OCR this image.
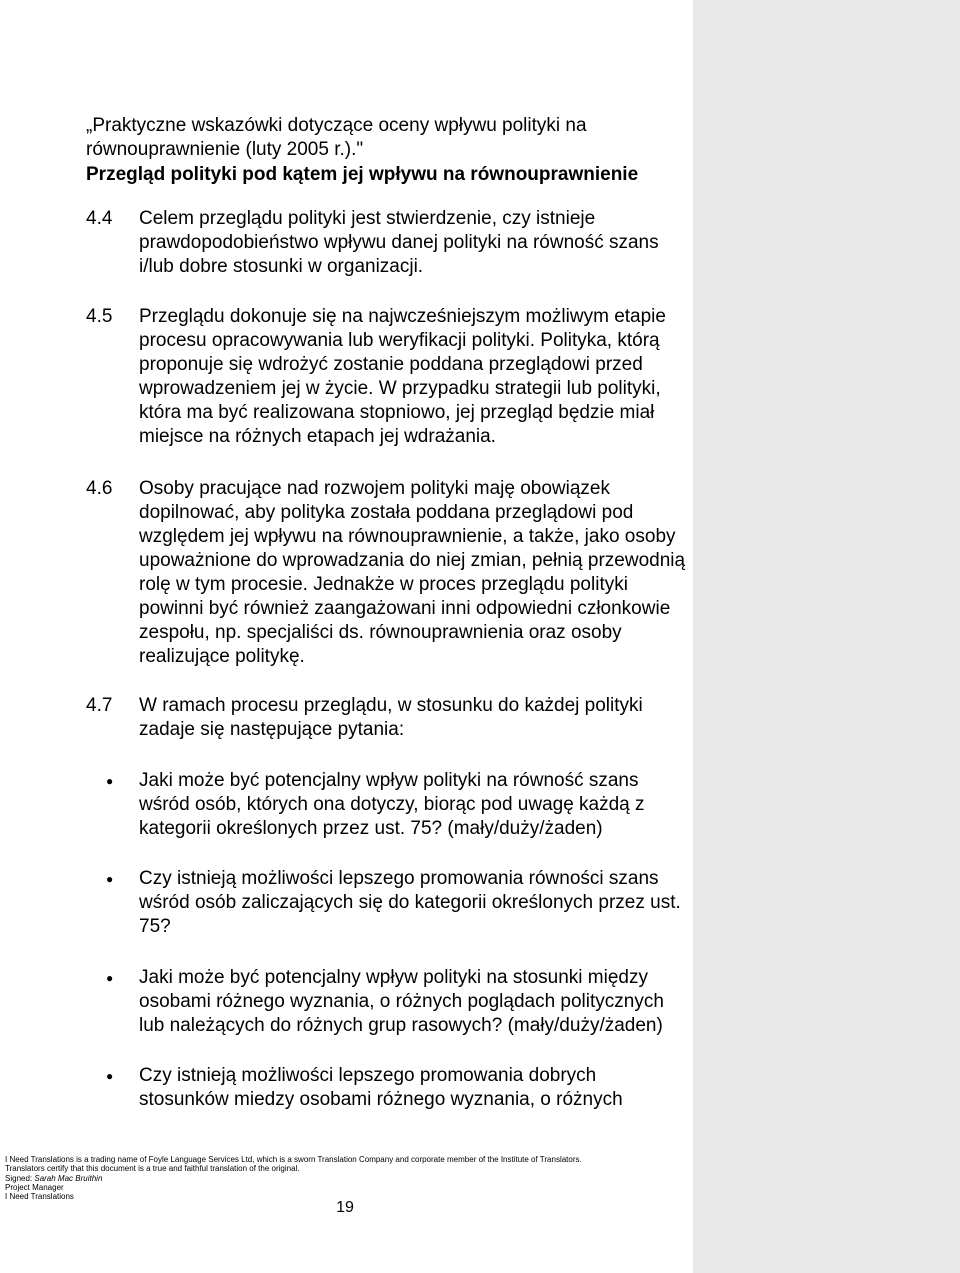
„Praktyczne wskazówki dotyczące oceny wpływu polityki na równouprawnienie (luty 2005 r.)."
Przegląd polityki pod kątem jej wpływu na równouprawnienie
4.4 Celem przeglądu polityki jest stwierdzenie, czy istnieje prawdopodobieństwo wpływu danej polityki na równość szans i/lub dobre stosunki w organizacji.
4.5 Przeglądu dokonuje się na najwcześniejszym możliwym etapie procesu opracowywania lub weryfikacji polityki. Polityka, którą proponuje się wdrożyć zostanie poddana przeglądowi przed wprowadzeniem jej w życie. W przypadku strategii lub polityki, która ma być realizowana stopniowo, jej przegląd będzie miał miejsce na różnych etapach jej wdrażania.
4.6 Osoby pracujące nad rozwojem polityki maję obowiązek dopilnować, aby polityka została poddana przeglądowi pod względem jej wpływu na równouprawnienie, a także, jako osoby upoważnione do wprowadzania do niej zmian, pełnią przewodnią rolę w tym procesie. Jednakże w proces przeglądu polityki powinni być również zaangażowani inni odpowiedni członkowie zespołu, np. specjaliści ds. równouprawnienia oraz osoby realizujące politykę.
4.7 W ramach procesu przeglądu, w stosunku do każdej polityki zadaje się następujące pytania:
● Jaki może być potencjalny wpływ polityki na równość szans wśród osób, których ona dotyczy, biorąc pod uwagę każdą z kategorii określonych przez ust. 75? (mały/duży/żaden)
● Czy istnieją możliwości lepszego promowania równości szans wśród osób zaliczających się do kategorii określonych przez ust. 75?
● Jaki może być potencjalny wpływ polityki na stosunki między osobami różnego wyznania, o różnych poglądach politycznych lub należących do różnych grup rasowych? (mały/duży/żaden)
● Czy istnieją możliwości lepszego promowania dobrych stosunków miedzy osobami różnego wyznania, o różnych
I Need Translations is a trading name of Foyle Language Services Ltd, which is a sworn Translation Company and corporate member of the Institute of Translators.
Translators certify that this document is a true and faithful translation of the original.
Signed: Sarah Mac Bruithin
Project Manager
I Need Translations
19
